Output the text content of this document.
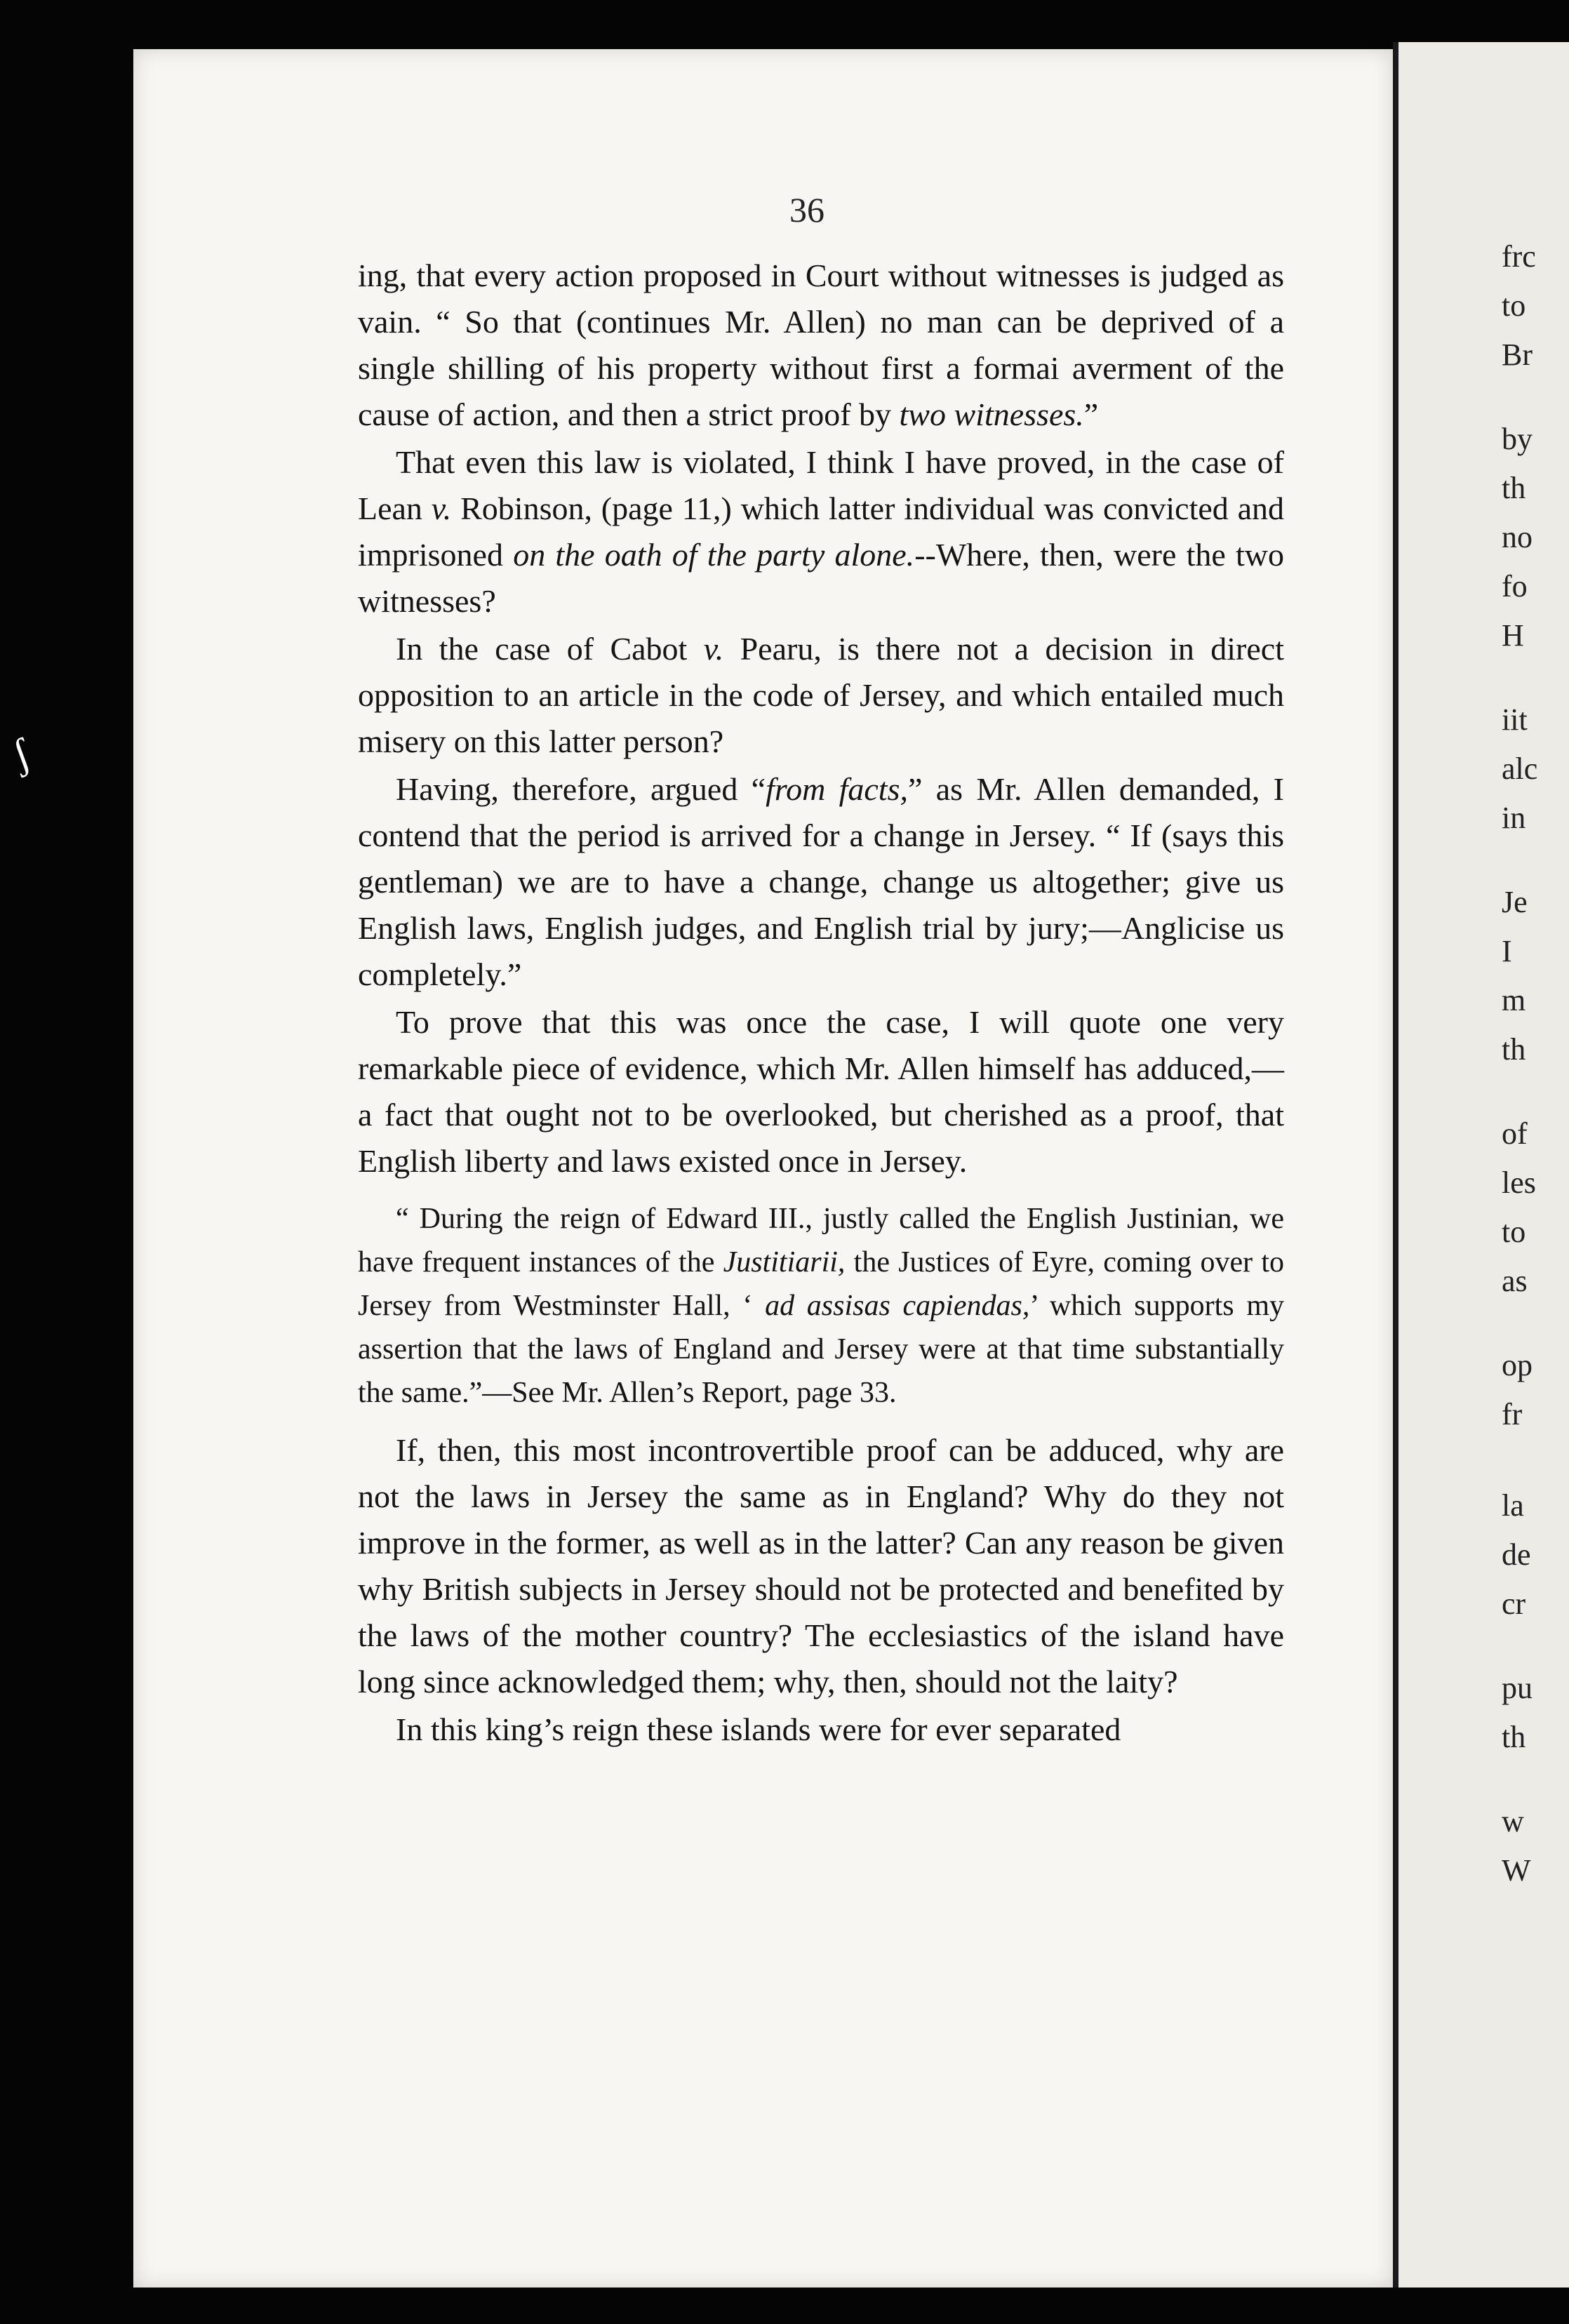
ʃ
36

ing, that every action proposed in Court without witnesses is judged as vain. “ So that (continues Mr. Allen) no man can be deprived of a single shilling of his property without first a formai averment of the cause of action, and then a strict proof by two witnesses.”

That even this law is violated, I think I have proved, in the case of Lean v. Robinson, (page 11,) which latter individual was convicted and imprisoned on the oath of the party alone.--Where, then, were the two witnesses?

In the case of Cabot v. Pearu, is there not a decision in direct opposition to an article in the code of Jersey, and which entailed much misery on this latter person?

Having, therefore, argued “from facts,” as Mr. Allen demanded, I contend that the period is arrived for a change in Jersey. “ If (says this gentleman) we are to have a change, change us altogether; give us English laws, English judges, and English trial by jury;—Anglicise us completely.”

To prove that this was once the case, I will quote one very remarkable piece of evidence, which Mr. Allen himself has adduced,—a fact that ought not to be overlooked, but cherished as a proof, that English liberty and laws existed once in Jersey.

“ During the reign of Edward III., justly called the English Justinian, we have frequent instances of the Justitiarii, the Justices of Eyre, coming over to Jersey from Westminster Hall, ‘ ad assisas capiendas,’ which supports my assertion that the laws of England and Jersey were at that time substantially the same.”—See Mr. Allen’s Report, page 33.

If, then, this most incontrovertible proof can be adduced, why are not the laws in Jersey the same as in England? Why do they not improve in the former, as well as in the latter? Can any reason be given why British subjects in Jersey should not be protected and benefited by the laws of the mother country? The ecclesiastics of the island have long since acknowledged them; why, then, should not the laity?

In this king’s reign these islands were for ever separated

frc
to
Br
by
th
no
fo
H
iit
alc
in
Je
I
m
th
of
les
to
as
op
fr
la
de
cr
pu
th
w
W
